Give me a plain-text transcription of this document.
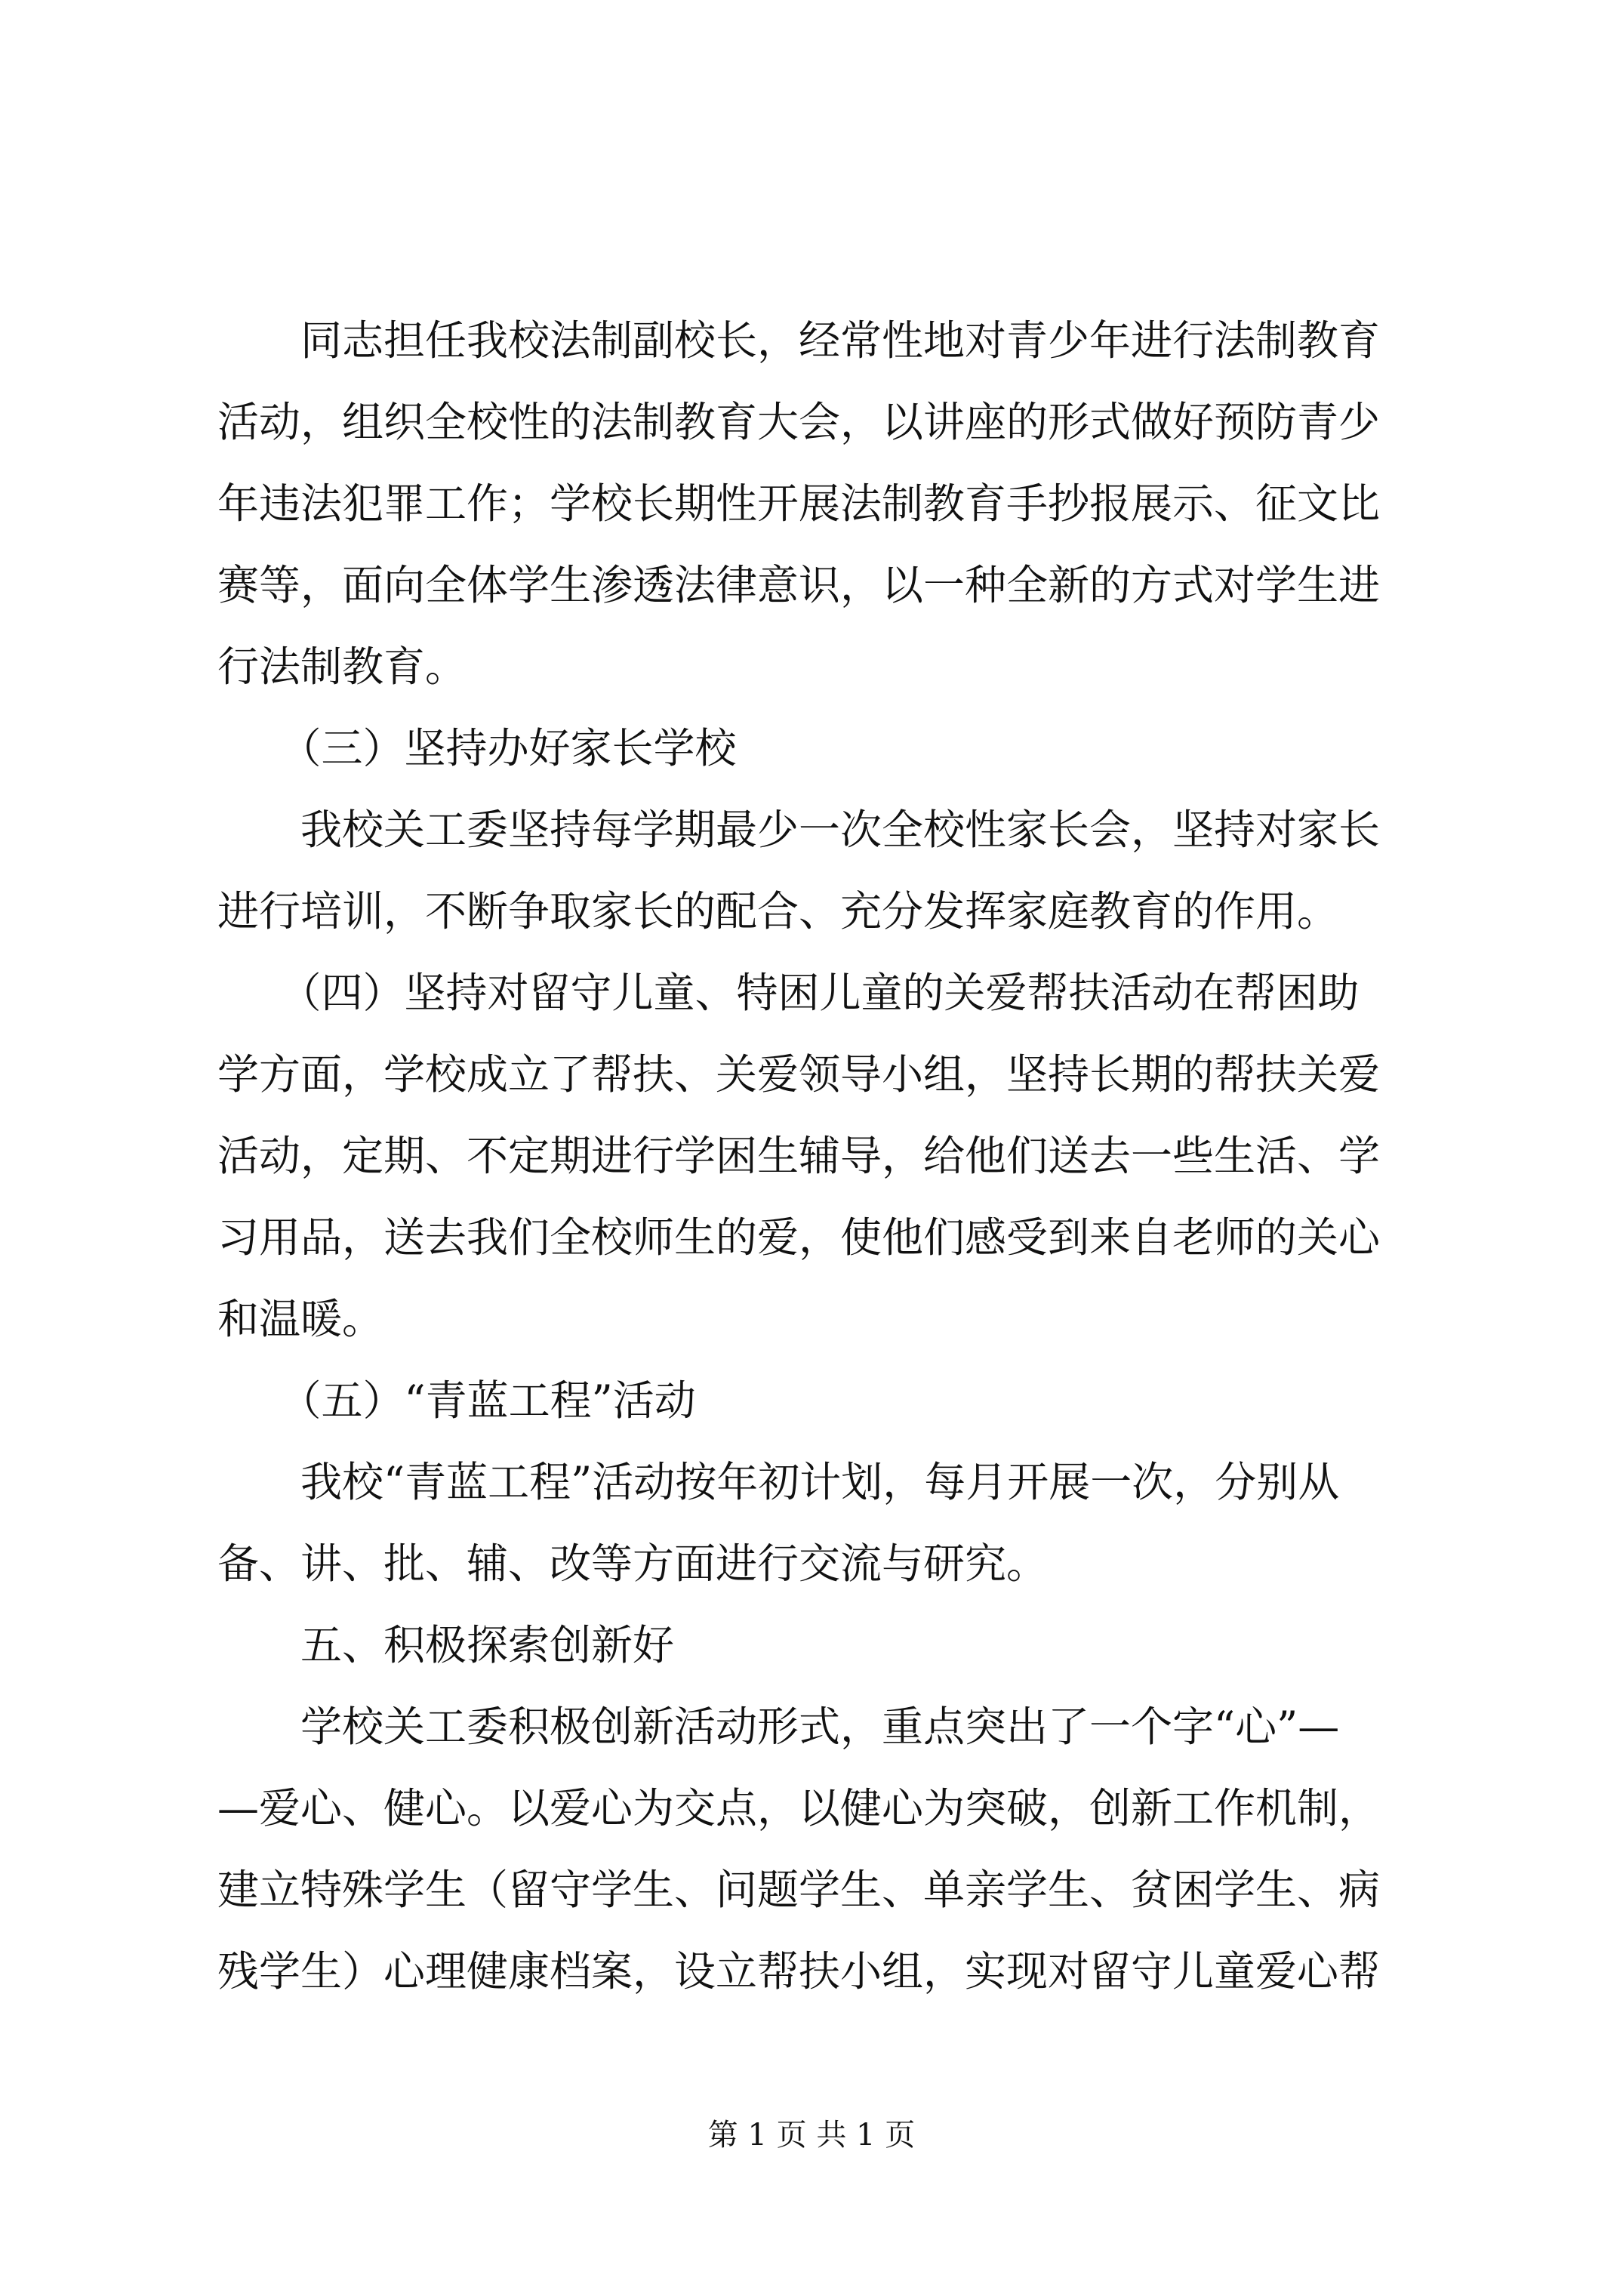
　　同志担任我校法制副校长，经常性地对青少年进行法制教育
活动，组织全校性的法制教育大会，以讲座的形式做好预防青少
年违法犯罪工作；学校长期性开展法制教育手抄报展示、征文比
赛等，面向全体学生渗透法律意识，以一种全新的方式对学生进
行法制教育。
　　（三）坚持办好家长学校
　　我校关工委坚持每学期最少一次全校性家长会，坚持对家长
进行培训，不断争取家长的配合、充分发挥家庭教育的作用。
　　（四）坚持对留守儿童、特困儿童的关爱帮扶活动在帮困助
学方面，学校成立了帮扶、关爱领导小组，坚持长期的帮扶关爱
活动，定期、不定期进行学困生辅导，给他们送去一些生活、学
习用品，送去我们全校师生的爱，使他们感受到来自老师的关心
和温暖。
　　（五）“青蓝工程”活动
　　我校“青蓝工程”活动按年初计划，每月开展一次，分别从
备、讲、批、辅、改等方面进行交流与研究。
　　五、积极探索创新好
　　学校关工委积极创新活动形式，重点突出了一个字“心”—
—爱心、健心。以爱心为交点，以健心为突破，创新工作机制，
建立特殊学生（留守学生、问题学生、单亲学生、贫困学生、病
残学生）心理健康档案，设立帮扶小组，实现对留守儿童爱心帮
第 1 页 共 1 页
